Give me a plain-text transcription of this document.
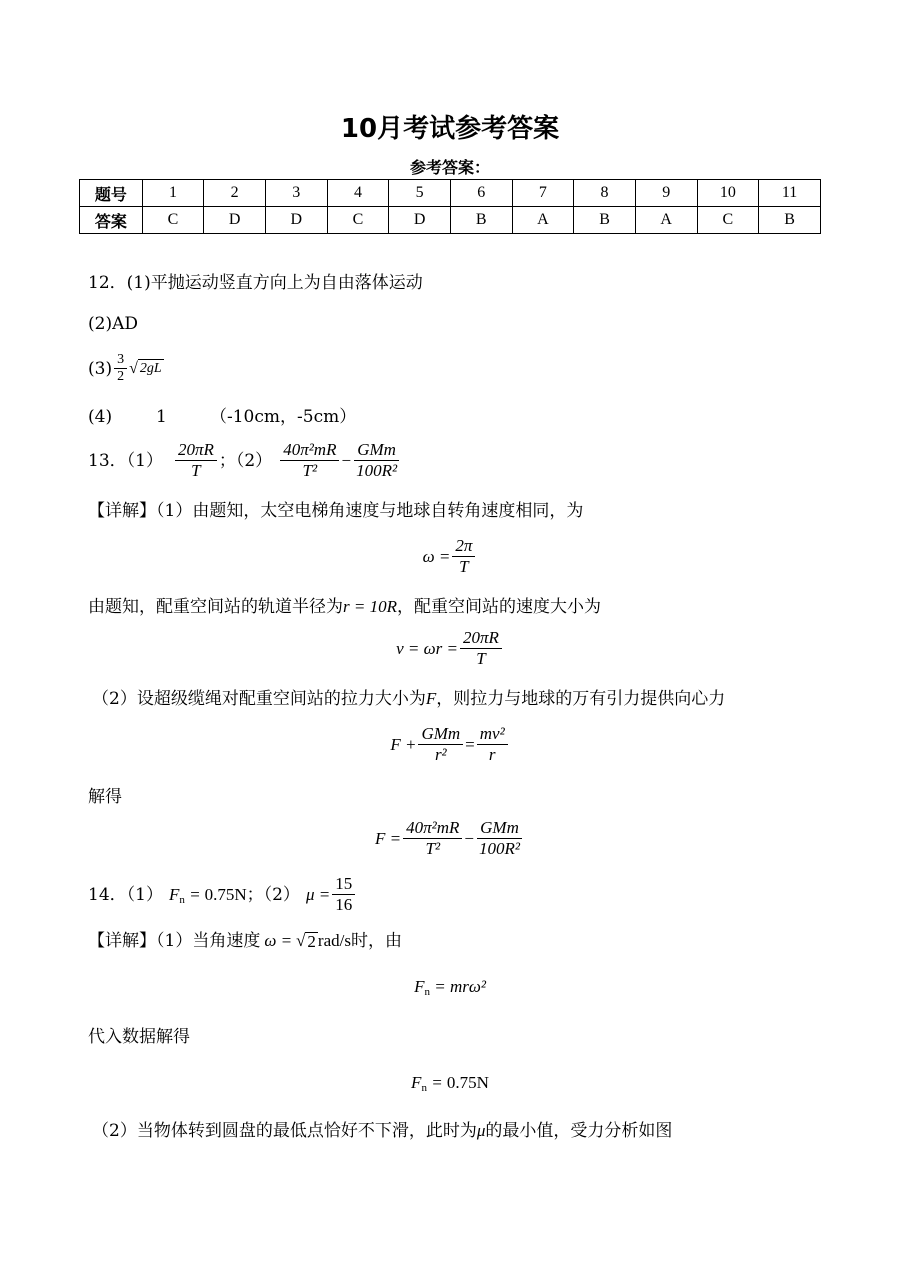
10月考试参考答案
参考答案：
题号	1	2	3	4	5	6	7	8	9	10	11
答案	C	D	D	C	D	B	A	B	A	C	B
12．(1)平抛运动竖直方向上为自由落体运动
(2)AD
$(3) \frac{3}{2}$ √ 2gL
(4)	1	（-10cm，-5cm）
13．$(1) \frac{20\pi R}{T}$ ；$(2) \frac{\text{40π²mR}}{\text{T²}} - \frac{\text{GMm}}{\text{100R²}}$
【详解】（1）由题知，太空电梯角速度与地球自转角速度相同，为
$\omega = \frac{2\pi}{T}$
由题知，配重空间站的轨道半径为r = 10R，配重空间站的速度大小为
$v = \omega r = \frac{20\pi R}{T}$
（2）设超级缆绳对配重空间站的拉力大小为F，则拉力与地球的万有引力提供向心力
$F + \frac{\text{GMm}}{\text{r²}} = \frac{\text{mv²}}{r}$
解得
$F = \frac{\text{40π²mR}}{\text{T²}} - \frac{\text{GMm}}{\text{100R²}}$
14．（1） $F_n = 0.75N$ ；（2） $\mu = \frac{15}{16}$
【详解】（1）当角速度 ω = √ 2 rad/s 时，由
$F_n = mr\omega^2$
代入数据解得
$F_n = 0.75N$
（2）当物体转到圆盘的最低点恰好不下滑，此时为μ的最小值，受力分析如图
